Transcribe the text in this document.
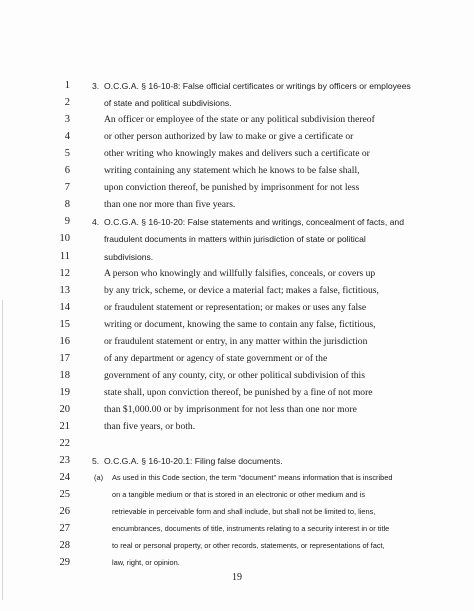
1	3. O.C.G.A. § 16-10-8: False official certificates or writings by officers or employees
2	of state and political subdivisions.
3	An officer or employee of the state or any political subdivision thereof
4	or other person authorized by law to make or give a certificate or
5	other writing who knowingly makes and delivers such a certificate or
6	writing containing any statement which he knows to be false shall,
7	upon conviction thereof, be punished by imprisonment for not less
8	than one nor more than five years.
9	4. O.C.G.A. § 16-10-20: False statements and writings, concealment of facts, and
10	fraudulent documents in matters within jurisdiction of state or political
11	subdivisions.
12	A person who knowingly and willfully falsifies, conceals, or covers up
13	by any trick, scheme, or device a material fact; makes a false, fictitious,
14	or fraudulent statement or representation; or makes or uses any false
15	writing or document, knowing the same to contain any false, fictitious,
16	or fraudulent statement or entry, in any matter within the jurisdiction
17	of any department or agency of state government or of the
18	government of any county, city, or other political subdivision of this
19	state shall, upon conviction thereof, be punished by a fine of not more
20	than $1,000.00 or by imprisonment for not less than one nor more
21	than five years, or both.
22
23	5. O.C.G.A. § 16-10-20.1: Filing false documents.
24	(a) As used in this Code section, the term "document" means information that is inscribed
25	on a tangible medium or that is stored in an electronic or other medium and is
26	retrievable in perceivable form and shall include, but shall not be limited to, liens,
27	encumbrances, documents of title, instruments relating to a security interest in or title
28	to real or personal property, or other records, statements, or representations of fact,
29	law, right, or opinion.
19
